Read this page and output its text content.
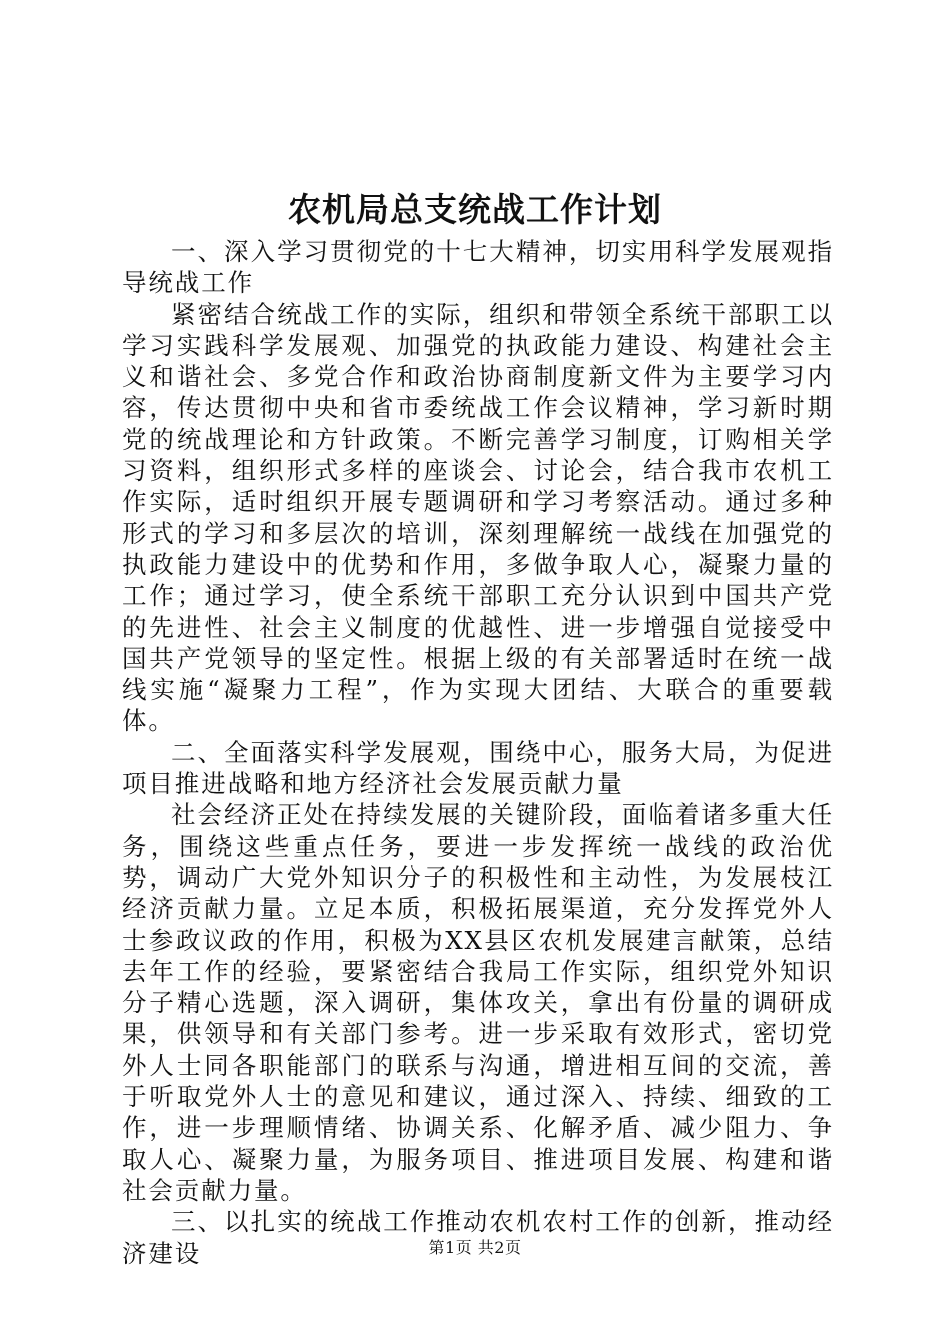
农机局总支统战工作计划

一、深入学习贯彻党的十七大精神，切实用科学发展观指导统战工作

紧密结合统战工作的实际，组织和带领全系统干部职工以学习实践科学发展观、加强党的执政能力建设、构建社会主义和谐社会、多党合作和政治协商制度新文件为主要学习内容，传达贯彻中央和省市委统战工作会议精神，学习新时期党的统战理论和方针政策。不断完善学习制度，订购相关学习资料，组织形式多样的座谈会、讨论会，结合我市农机工作实际，适时组织开展专题调研和学习考察活动。通过多种形式的学习和多层次的培训，深刻理解统一战线在加强党的执政能力建设中的优势和作用，多做争取人心，凝聚力量的工作；通过学习，使全系统干部职工充分认识到中国共产党的先进性、社会主义制度的优越性、进一步增强自觉接受中国共产党领导的坚定性。根据上级的有关部署适时在统一战线实施“凝聚力工程”，作为实现大团结、大联合的重要载体。

二、全面落实科学发展观，围绕中心，服务大局，为促进项目推进战略和地方经济社会发展贡献力量

社会经济正处在持续发展的关键阶段，面临着诸多重大任务，围绕这些重点任务，要进一步发挥统一战线的政治优势，调动广大党外知识分子的积极性和主动性，为发展枝江经济贡献力量。立足本质，积极拓展渠道，充分发挥党外人士参政议政的作用，积极为XX县区农机发展建言献策，总结去年工作的经验，要紧密结合我局工作实际，组织党外知识分子精心选题，深入调研，集体攻关，拿出有份量的调研成果，供领导和有关部门参考。进一步采取有效形式，密切党外人士同各职能部门的联系与沟通，增进相互间的交流，善于听取党外人士的意见和建议，通过深入、持续、细致的工作，进一步理顺情绪、协调关系、化解矛盾、减少阻力、争取人心、凝聚力量，为服务项目、推进项目发展、构建和谐社会贡献力量。

三、以扎实的统战工作推动农机农村工作的创新，推动经济建设	第1页 共2页
